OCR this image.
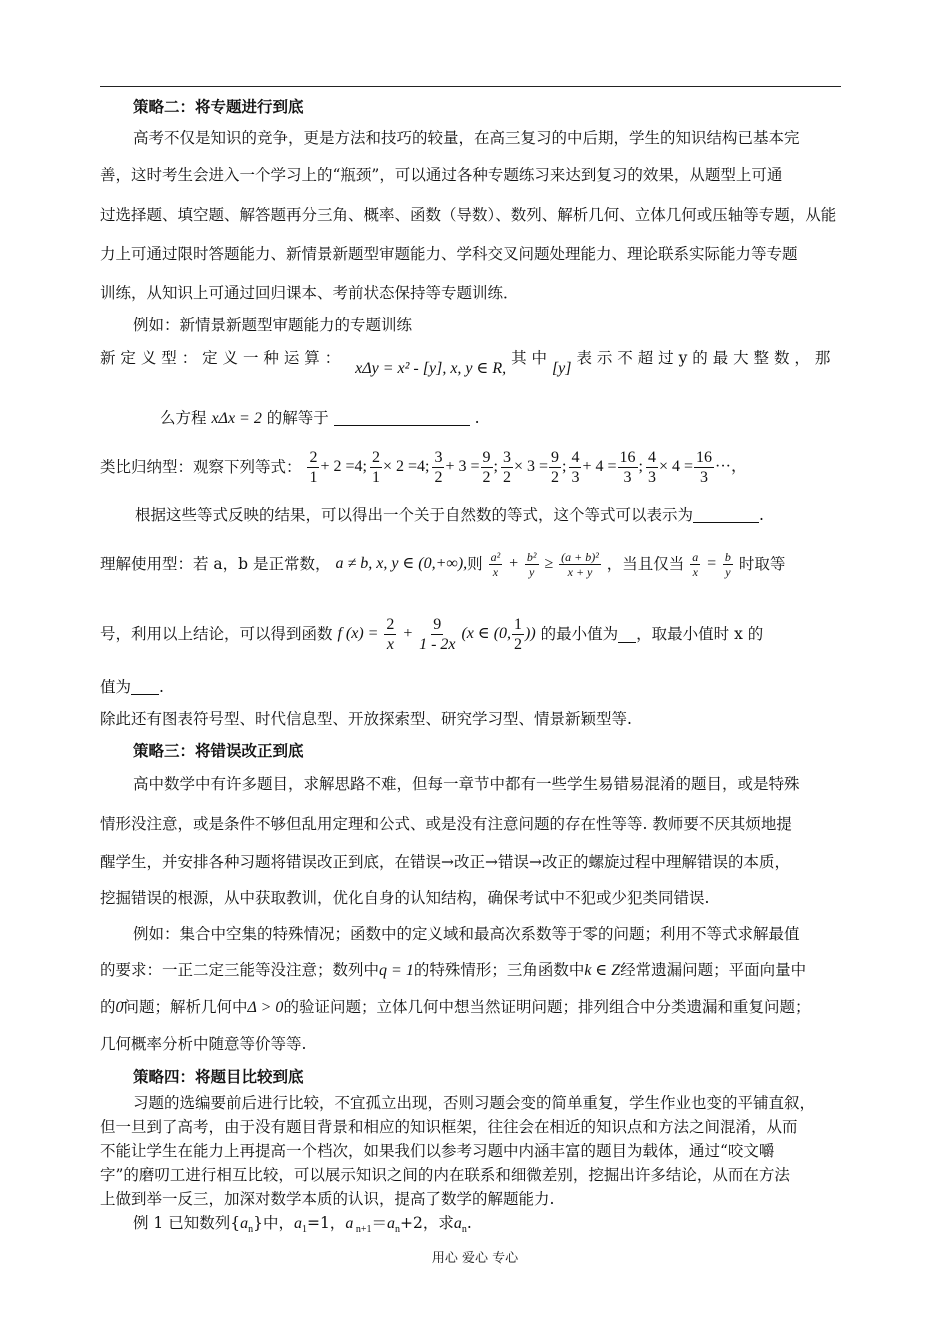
策略二：将专题进行到底
高考不仅是知识的竞争，更是方法和技巧的较量，在高三复习的中后期，学生的知识结构已基本完
善，这时考生会进入一个学习上的“瓶颈”，可以通过各种专题练习来达到复习的效果，从题型上可通
过选择题、填空题、解答题再分三角、概率、函数（导数）、数列、解析几何、立体几何或压轴等专题，从能
力上可通过限时答题能力、新情景新题型审题能力、学科交叉问题处理能力、理论联系实际能力等专题
训练，从知识上可通过回归课本、考前状态保持等专题训练．
例如：新情景新题型审题能力的专题训练
新 定 义 型 ： 定 义 一 种 运 算 ： xΔy = x² - [y], x, y ∈ R, 其 中 [y] 表 示 不 超 过 y 的 最 大 整 数 ， 那
么方程 xΔx = 2 的解等于	.
类比归纳型：观察下列等式： $\frac{2}{1} + 2 =4$; $\frac{2}{1} \times 2 =4$; $\frac{3}{2} + 3 = \frac{9}{2}$ ; $\frac{3}{2} \times 3 = \frac{9}{2}$ ; $\frac{4}{3} + 4 = \frac{16}{3}$ ; $\frac{4}{3} \times 4 = \frac{16}{3}$ ···，
根据这些等式反映的结果，可以得出一个关于自然数的等式，这个等式可以表示为	.
理解使用型：若 a，b 是正常数， a ≠ b, x, y ∈ (0,+∞),则 $\frac{\text{a²}}{x} + \frac{\text{b²}}{y} \ge \frac{\text{(a + b)²}}{x + y}$ ，当且仅当 $\frac{a}{x} = \frac{b}{y}$ 时取等
号，利用以上结论，可以得到函数 f $(x) = \frac{2}{x} + \frac{9}{1 - 2x} (x$ ∈ (0, $\frac{1}{2}$ )) 的最小值为 ，取最小值时 x 的
值为 .
除此还有图表符号型、时代信息型、开放探索型、研究学习型、情景新颖型等.
策略三：将错误改正到底
高中数学中有许多题目，求解思路不难，但每一章节中都有一些学生易错易混淆的题目，或是特殊
情形没注意，或是条件不够但乱用定理和公式、或是没有注意问题的存在性等等. 教师要不厌其烦地提
醒学生，并安排各种习题将错误改正到底，在错误→改正→错误→改正的螺旋过程中理解错误的本质，
挖掘错误的根源，从中获取教训，优化自身的认知结构，确保考试中不犯或少犯类同错误.
例如：集合中空集的特殊情况；函数中的定义域和最高次系数等于零的问题；利用不等式求解最值
的要求：一正二定三能等没注意；数列中q = 1的特殊情形；三角函数中k ∈ Z经常遗漏问题；平面向量中
的0̄问题；解析几何中Δ > 0的验证问题；立体几何中想当然证明问题；排列组合中分类遗漏和重复问题；
几何概率分析中随意等价等等.
策略四：将题目比较到底
习题的选编要前后进行比较，不宜孤立出现，否则习题会变的简单重复，学生作业也变的平铺直叙，
但一旦到了高考，由于没有题目背景和相应的知识框架，往往会在相近的知识点和方法之间混淆，从而
不能让学生在能力上再提高一个档次，如果我们以参考习题中内涵丰富的题目为载体，通过“咬文嚼
字”的磨叨工进行相互比较，可以展示知识之间的内在联系和细微差别，挖掘出许多结论，从而在方法
上做到举一反三，加深对数学本质的认识，提高了数学的解题能力.
例 1 已知数列$\{a_n\}$中，$a_1=1$，a $_{n+1}=a_n+2$，求$a_n$.
用心 爱心 专心
